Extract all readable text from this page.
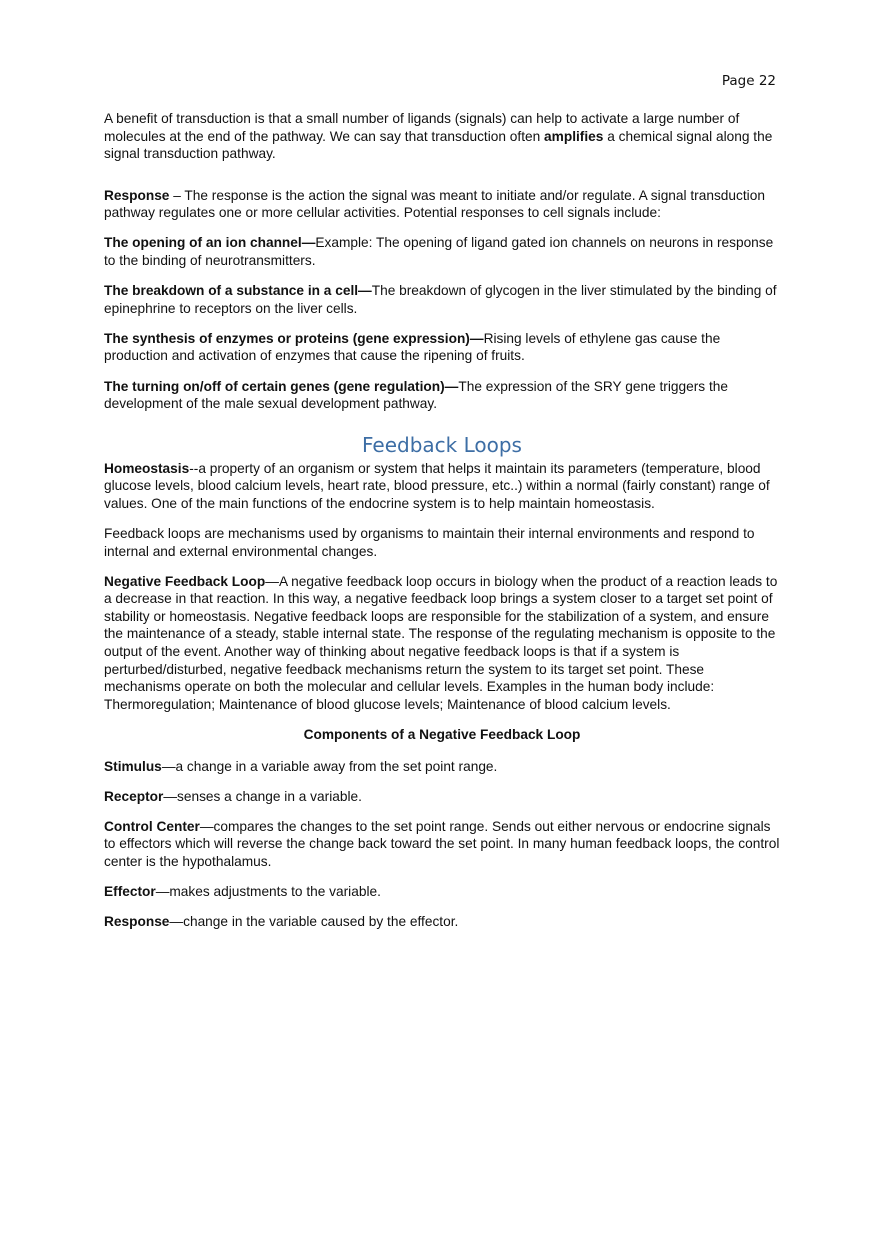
Page 22

A benefit of transduction is that a small number of ligands (signals) can help to activate a large number of molecules at the end of the pathway. We can say that transduction often amplifies a chemical signal along the signal transduction pathway.

Response – The response is the action the signal was meant to initiate and/or regulate. A signal transduction pathway regulates one or more cellular activities. Potential responses to cell signals include:

The opening of an ion channel—Example: The opening of ligand gated ion channels on neurons in response to the binding of neurotransmitters.

The breakdown of a substance in a cell—The breakdown of glycogen in the liver stimulated by the binding of epinephrine to receptors on the liver cells.

The synthesis of enzymes or proteins (gene expression)—Rising levels of ethylene gas cause the production and activation of enzymes that cause the ripening of fruits.

The turning on/off of certain genes (gene regulation)—The expression of the SRY gene triggers the development of the male sexual development pathway.

Feedback Loops

Homeostasis--a property of an organism or system that helps it maintain its parameters (temperature, blood glucose levels, blood calcium levels, heart rate, blood pressure, etc..) within a normal (fairly constant) range of values. One of the main functions of the endocrine system is to help maintain homeostasis.

Feedback loops are mechanisms used by organisms to maintain their internal environments and respond to internal and external environmental changes.

Negative Feedback Loop—A negative feedback loop occurs in biology when the product of a reaction leads to a decrease in that reaction. In this way, a negative feedback loop brings a system closer to a target set point of stability or homeostasis. Negative feedback loops are responsible for the stabilization of a system, and ensure the maintenance of a steady, stable internal state. The response of the regulating mechanism is opposite to the output of the event. Another way of thinking about negative feedback loops is that if a system is perturbed/disturbed, negative feedback mechanisms return the system to its target set point. These mechanisms operate on both the molecular and cellular levels. Examples in the human body include: Thermoregulation; Maintenance of blood glucose levels; Maintenance of blood calcium levels.

Components of a Negative Feedback Loop

Stimulus—a change in a variable away from the set point range.

Receptor—senses a change in a variable.

Control Center—compares the changes to the set point range. Sends out either nervous or endocrine signals to effectors which will reverse the change back toward the set point. In many human feedback loops, the control center is the hypothalamus.

Effector—makes adjustments to the variable.

Response—change in the variable caused by the effector.
